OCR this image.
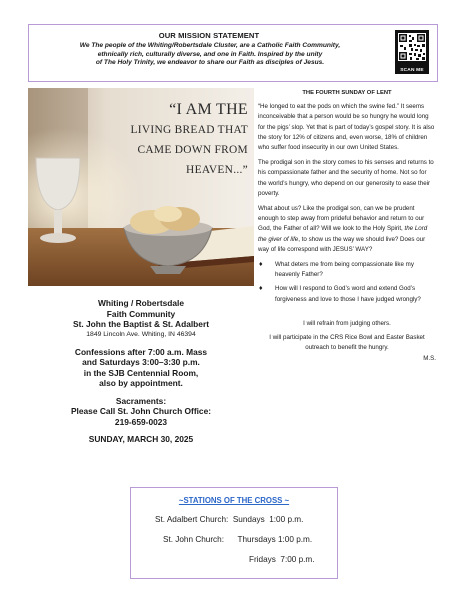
OUR MISSION STATEMENT
We The people of the Whiting/Robertsdale Cluster, are a Catholic Faith Community,
ethnically rich, culturally diverse, and one in Faith. Inspired by the unity
of The Holy Trinity, we endeavor to share our Faith as disciples of Jesus.
SCAN ME
“I AM THE
LIVING BREAD THAT
CAME DOWN FROM
HEAVEN...”
Whiting / Robertsdale
Faith Community
St. John the Baptist & St. Adalbert
1849 Lincoln Ave. Whiting, IN 46394
Confessions after 7:00 a.m. Mass
and Saturdays 3:00–3:30 p.m.
in the SJB Centennial Room,
also by appointment.
Sacraments:
Please Call St. John Church Office:
219-659-0023
SUNDAY, MARCH 30, 2025
THE FOURTH SUNDAY OF LENT

“He longed to eat the pods on which the swine fed.” It seems inconceivable that a person would be so hungry he would long for the pigs’ slop. Yet that is part of today’s gospel story. It is also the story for 12% of citizens and, even worse, 18% of children who suffer food insecurity in our own United States.

The prodigal son in the story comes to his senses and returns to his compassionate father and the security of home. Not so for the world’s hungry, who depend on our generosity to ease their poverty.

What about us? Like the prodigal son, can we be prudent enough to step away from prideful behavior and return to our God, the Father of all? Will we look to the Holy Spirit, the Lord the giver of life, to show us the way we should live? Does our way of life correspond with JESUS’ WAY?

♦ What deters me from being compassionate like my heavenly Father?
♦ How will I respond to God’s word and extend God’s forgiveness and love to those I have judged wrongly?
I will refrain from judging others.
I will participate in the CRS Rice Bowl and Easter Basket outreach to benefit the hungry.
M.S.
~STATIONS OF THE CROSS ~
St. Adalbert Church:  Sundays  1:00 p.m.
St. John Church:      Thursdays 1:00 p.m.
Fridays  7:00 p.m.
